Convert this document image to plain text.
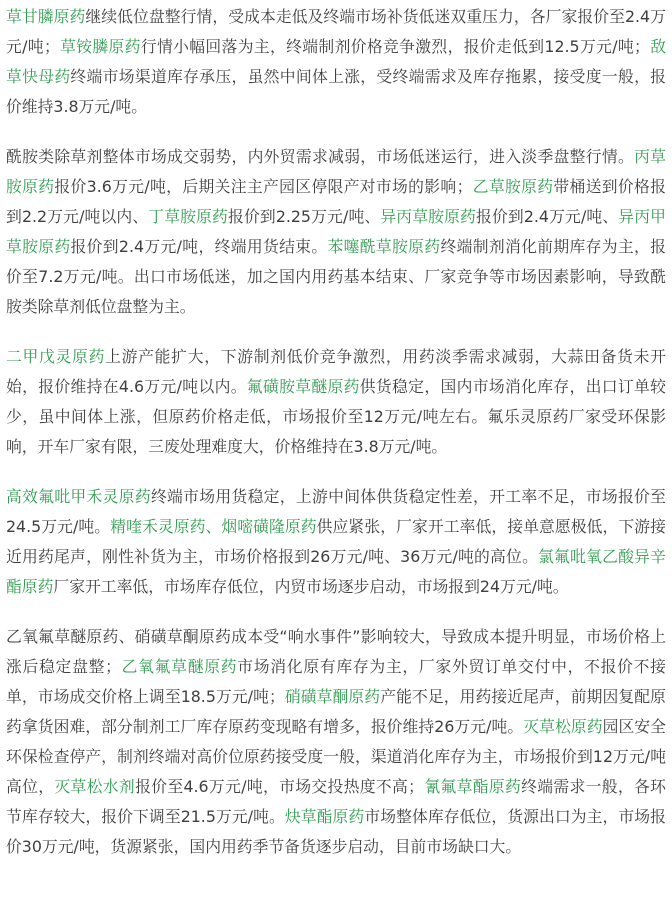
草甘膦原药继续低位盘整行情，受成本走低及终端市场补货低迷双重压力，各厂家报价至2.4万元/吨；草铵膦原药行情小幅回落为主，终端制剂价格竞争激烈，报价走低到12.5万元/吨；敌草快母药终端市场渠道库存承压，虽然中间体上涨，受终端需求及库存拖累，接受度一般，报价维持3.8万元/吨。

酰胺类除草剂整体市场成交弱势，内外贸需求减弱，市场低迷运行，进入淡季盘整行情。丙草胺原药报价3.6万元/吨，后期关注主产园区停限产对市场的影响；乙草胺原药带桶送到价格报到2.2万元/吨以内、丁草胺原药报价到2.25万元/吨、异丙草胺原药报价到2.4万元/吨、异丙甲草胺原药报价到2.4万元/吨，终端用货结束。苯噻酰草胺原药终端制剂消化前期库存为主，报价至7.2万元/吨。出口市场低迷，加之国内用药基本结束、厂家竞争等市场因素影响，导致酰胺类除草剂低位盘整为主。

二甲戊灵原药上游产能扩大，下游制剂低价竞争激烈，用药淡季需求减弱，大蒜田备货未开始，报价维持在4.6万元/吨以内。氟磺胺草醚原药供货稳定，国内市场消化库存，出口订单较少，虽中间体上涨，但原药价格走低，市场报价至12万元/吨左右。氟乐灵原药厂家受环保影响，开车厂家有限，三废处理难度大，价格维持在3.8万元/吨。

高效氟吡甲禾灵原药终端市场用货稳定，上游中间体供货稳定性差，开工率不足，市场报价至24.5万元/吨。精喹禾灵原药、烟嘧磺隆原药供应紧张，厂家开工率低，接单意愿极低，下游接近用药尾声，刚性补货为主，市场价格报到26万元/吨、36万元/吨的高位。氯氟吡氧乙酸异辛酯原药厂家开工率低，市场库存低位，内贸市场逐步启动，市场报到24万元/吨。

乙氧氟草醚原药、硝磺草酮原药成本受“响水事件”影响较大，导致成本提升明显，市场价格上涨后稳定盘整；乙氧氟草醚原药市场消化原有库存为主，厂家外贸订单交付中，不报价不接单，市场成交价格上调至18.5万元/吨；硝磺草酮原药产能不足，用药接近尾声，前期因复配原药拿货困难，部分制剂工厂库存原药变现略有增多，报价维持26万元/吨。灭草松原药园区安全环保检查停产，制剂终端对高价位原药接受度一般，渠道消化库存为主，市场报价到12万元/吨高位，灭草松水剂报价至4.6万元/吨，市场交投热度不高；氰氟草酯原药终端需求一般，各环节库存较大，报价下调至21.5万元/吨。炔草酯原药市场整体库存低位，货源出口为主，市场报价30万元/吨，货源紧张，国内用药季节备货逐步启动，目前市场缺口大。
